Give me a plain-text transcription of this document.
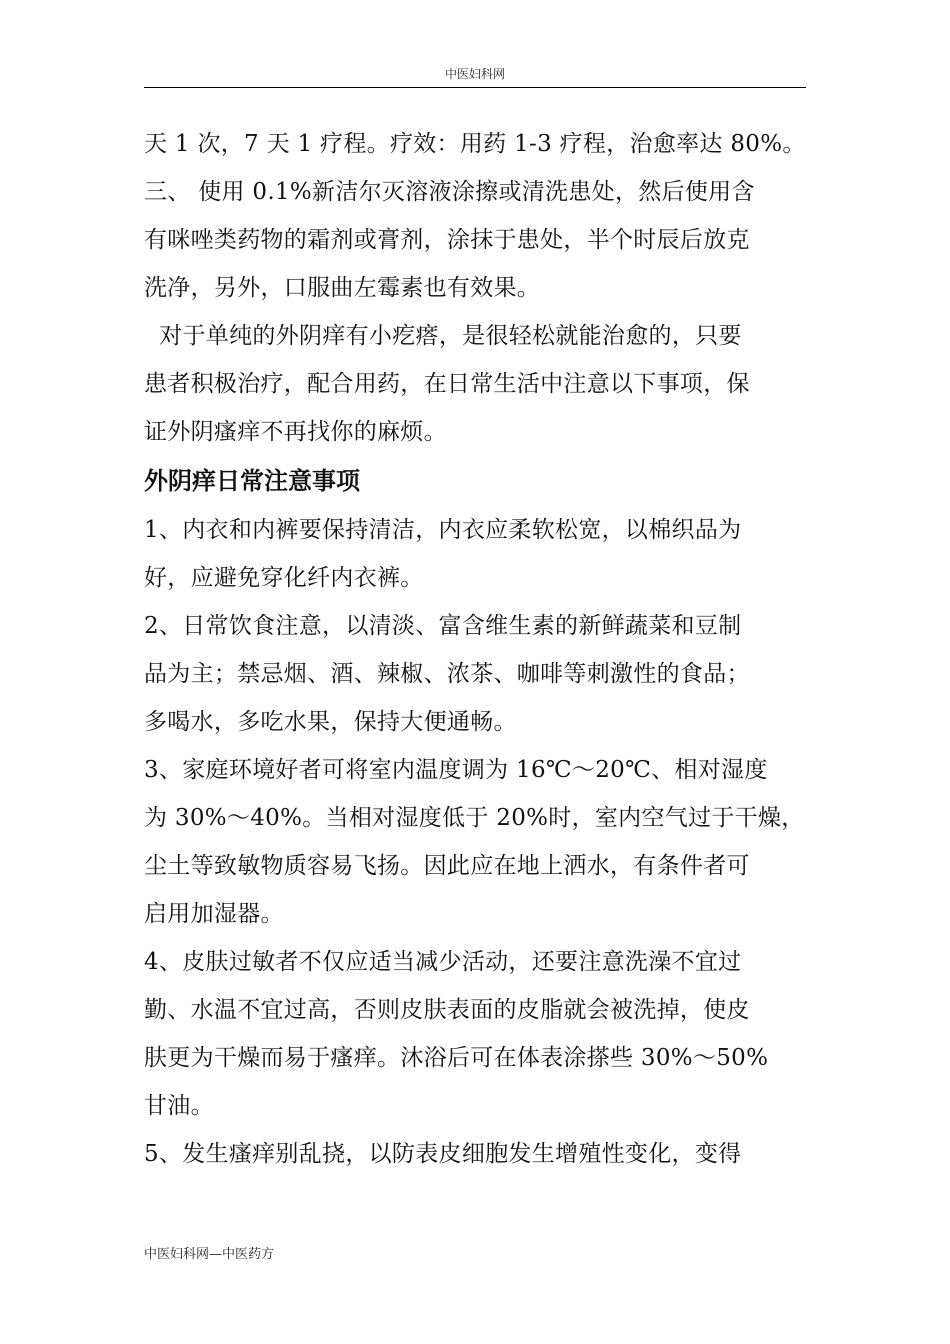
中医妇科网
天 1 次，7 天 1 疗程。疗效：用药 1-3 疗程，治愈率达 80%。
三、 使用 0.1%新洁尔灭溶液涂擦或清洗患处，然后使用含
有咪唑类药物的霜剂或膏剂，涂抹于患处，半个时辰后放克
洗净，另外，口服曲左霉素也有效果。
对于单纯的外阴痒有小疙瘩，是很轻松就能治愈的，只要
患者积极治疗，配合用药，在日常生活中注意以下事项，保
证外阴瘙痒不再找你的麻烦。
外阴痒日常注意事项
1、内衣和内裤要保持清洁，内衣应柔软松宽，以棉织品为
好，应避免穿化纤内衣裤。
2、日常饮食注意，以清淡、富含维生素的新鲜蔬菜和豆制
品为主；禁忌烟、酒、辣椒、浓茶、咖啡等刺激性的食品；
多喝水，多吃水果，保持大便通畅。
3、家庭环境好者可将室内温度调为 16℃～20℃、相对湿度
为 30%～40%。当相对湿度低于 20%时，室内空气过于干燥，
尘土等致敏物质容易飞扬。因此应在地上洒水，有条件者可
启用加湿器。
4、皮肤过敏者不仅应适当减少活动，还要注意洗澡不宜过
勤、水温不宜过高，否则皮肤表面的皮脂就会被洗掉，使皮
肤更为干燥而易于瘙痒。沐浴后可在体表涂搽些 30%～50%
甘油。
5、发生瘙痒别乱挠，以防表皮细胞发生增殖性变化，变得
中医妇科网—中医药方
